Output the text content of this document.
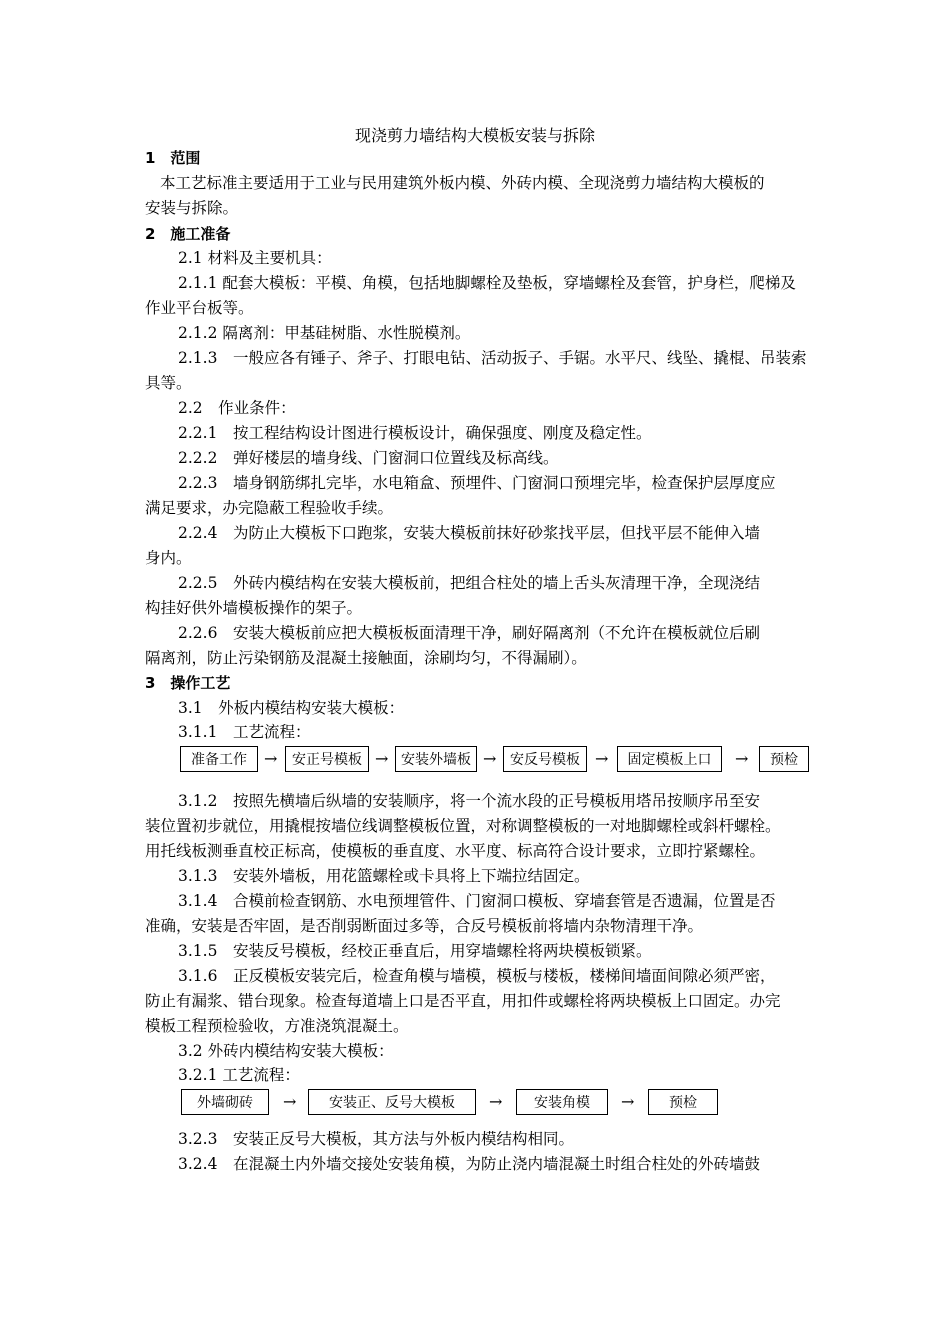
现浇剪力墙结构大模板安装与拆除
1　范围
本工艺标准主要适用于工业与民用建筑外板内模、外砖内模、全现浇剪力墙结构大模板的
安装与拆除。
2　施工准备
2.1 材料及主要机具：
2.1.1 配套大模板：平模、角模，包括地脚螺栓及垫板，穿墙螺栓及套管，护身栏，爬梯及
作业平台板等。
2.1.2 隔离剂：甲基硅树脂、水性脱模剂。
2.1.3　一般应各有锤子、斧子、打眼电钻、活动扳子、手锯。水平尺、线坠、撬棍、吊装索
具等。
2.2　作业条件：
2.2.1　按工程结构设计图进行模板设计，确保强度、刚度及稳定性。
2.2.2　弹好楼层的墙身线、门窗洞口位置线及标高线。
2.2.3　墙身钢筋绑扎完毕，水电箱盒、预埋件、门窗洞口预埋完毕，检查保护层厚度应
满足要求，办完隐蔽工程验收手续。
2.2.4　为防止大模板下口跑浆，安装大模板前抹好砂浆找平层，但找平层不能伸入墙
身内。
2.2.5　外砖内模结构在安装大模板前，把组合柱处的墙上舌头灰清理干净，全现浇结
构挂好供外墙模板操作的架子。
2.2.6　安装大模板前应把大模板板面清理干净，刷好隔离剂（不允许在模板就位后刷
隔离剂，防止污染钢筋及混凝土接触面，涂刷均匀，不得漏刷）。
3　操作工艺
3.1　外板内模结构安装大模板：
3.1.1　工艺流程：
准备工作	→	安正号模板 → 安装外墙板 → 安反号模板 →	固定模板上口	→	预检
3.1.2　按照先横墙后纵墙的安装顺序，将一个流水段的正号模板用塔吊按顺序吊至安
装位置初步就位，用撬棍按墙位线调整模板位置，对称调整模板的一对地脚螺栓或斜杆螺栓。
用托线板测垂直校正标高，使模板的垂直度、水平度、标高符合设计要求，立即拧紧螺栓。
3.1.3　安装外墙板，用花篮螺栓或卡具将上下端拉结固定。
3.1.4　合模前检查钢筋、水电预埋管件、门窗洞口模板、穿墙套管是否遗漏，位置是否
准确，安装是否牢固，是否削弱断面过多等，合反号模板前将墙内杂物清理干净。
3.1.5　安装反号模板，经校正垂直后，用穿墙螺栓将两块模板锁紧。
3.1.6　正反模板安装完后，检查角模与墙模，模板与楼板，楼梯间墙面间隙必须严密，
防止有漏浆、错台现象。检查每道墙上口是否平直，用扣件或螺栓将两块模板上口固定。办完
模板工程预检验收，方准浇筑混凝土。
3.2 外砖内模结构安装大模板：
3.2.1 工艺流程：
外墙砌砖	→	安装正、反号大模板	→	安装角模	→	预检
3.2.3　安装正反号大模板，其方法与外板内模结构相同。
3.2.4　在混凝土内外墙交接处安装角模，为防止浇内墙混凝土时组合柱处的外砖墙鼓
